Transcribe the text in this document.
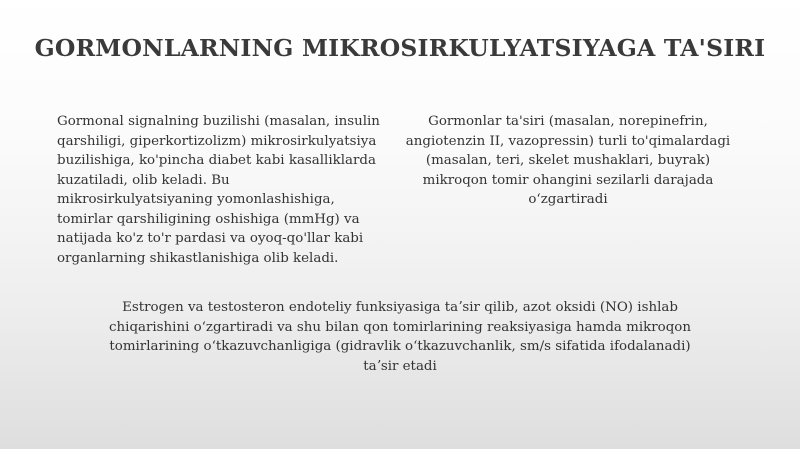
GORMONLARNING MIKROSIRKULYATSIYAGA TA'SIRI

Gormonal signalning buzilishi (masalan, insulin qarshiligi, giperkortizolizm) mikrosirkulyatsiya buzilishiga, ko'pincha diabet kabi kasalliklarda kuzatiladi, olib keladi. Bu mikrosirkulyatsiyaning yomonlashishiga, tomirlar qarshiligining oshishiga (mmHg) va natijada ko'z to'r pardasi va oyoq-qo'llar kabi organlarning shikastlanishiga olib keladi.

Gormonlar ta'siri (masalan, norepinefrin, angiotenzin II, vazopressin) turli to'qimalardagi (masalan, teri, skelet mushaklari, buyrak) mikroqon tomir ohangini sezilarli darajada oʻzgartiradi

Estrogen va testosteron endoteliy funksiyasiga taʼsir qilib, azot oksidi (NO) ishlab chiqarishini oʻzgartiradi va shu bilan qon tomirlarining reaksiyasiga hamda mikroqon tomirlarining oʻtkazuvchanligiga (gidravlik oʻtkazuvchanlik, sm/s sifatida ifodalanadi) taʼsir etadi
